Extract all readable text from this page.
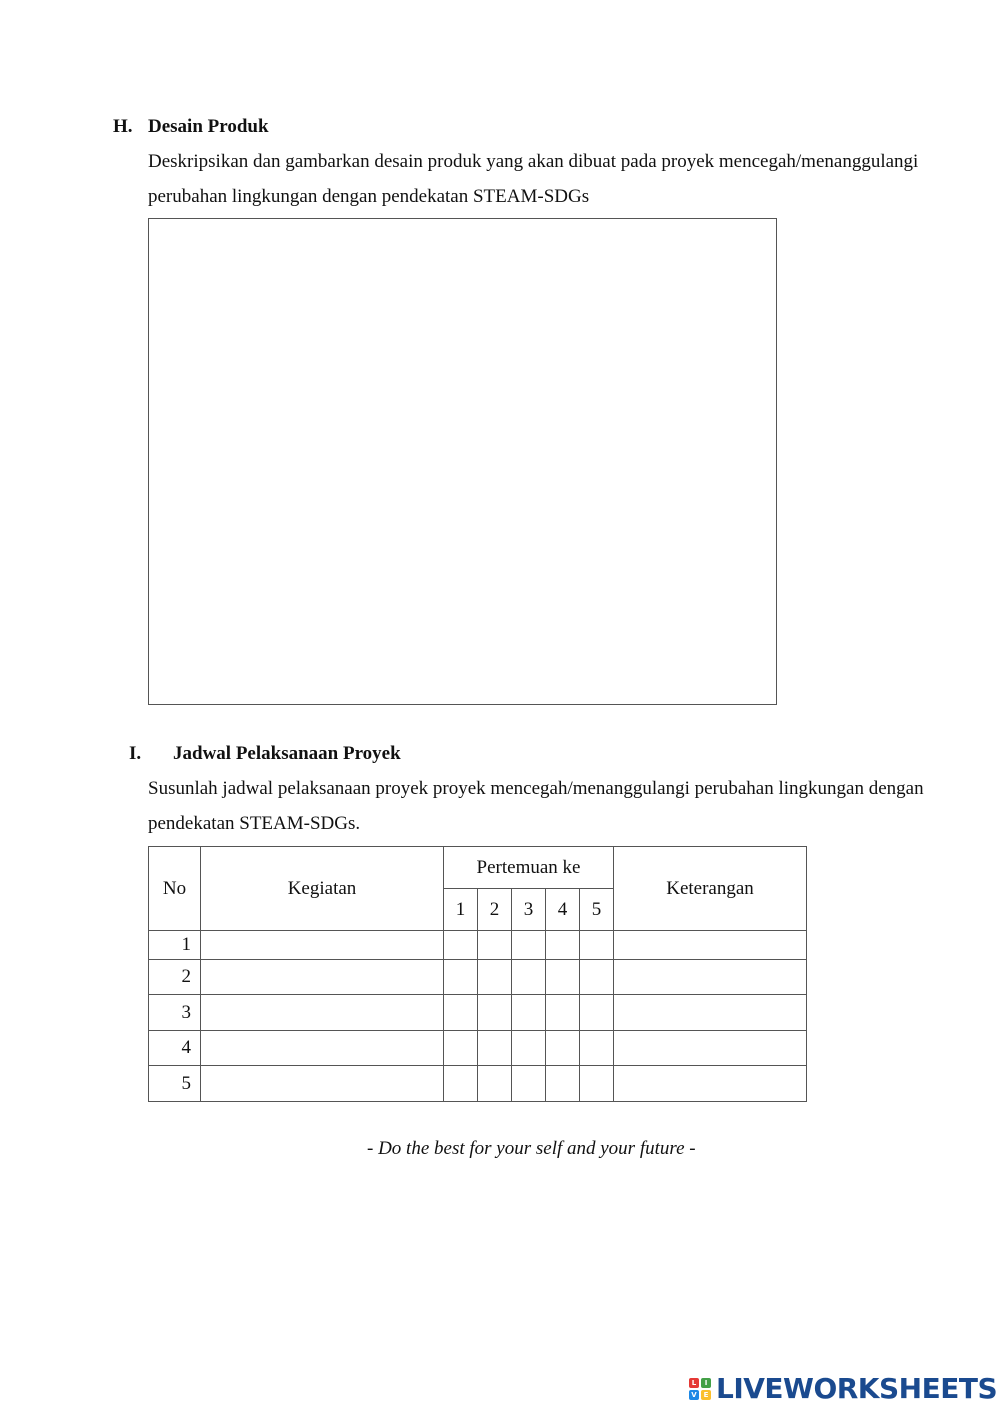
H. Desain Produk
Deskripsikan dan gambarkan desain produk yang akan dibuat pada proyek mencegah/menanggulangi
perubahan lingkungan dengan pendekatan STEAM-SDGs
I. Jadwal Pelaksanaan Proyek
Susunlah jadwal pelaksanaan proyek proyek mencegah/menanggulangi perubahan lingkungan dengan
pendekatan STEAM-SDGs.
No	Kegiatan	Pertemuan ke					Keterangan
		1	2	3	4	5	
1							
2							
3							
4							
5							
- Do the best for your self and your future -
L	I
V E LIVEWORKSHEETS
